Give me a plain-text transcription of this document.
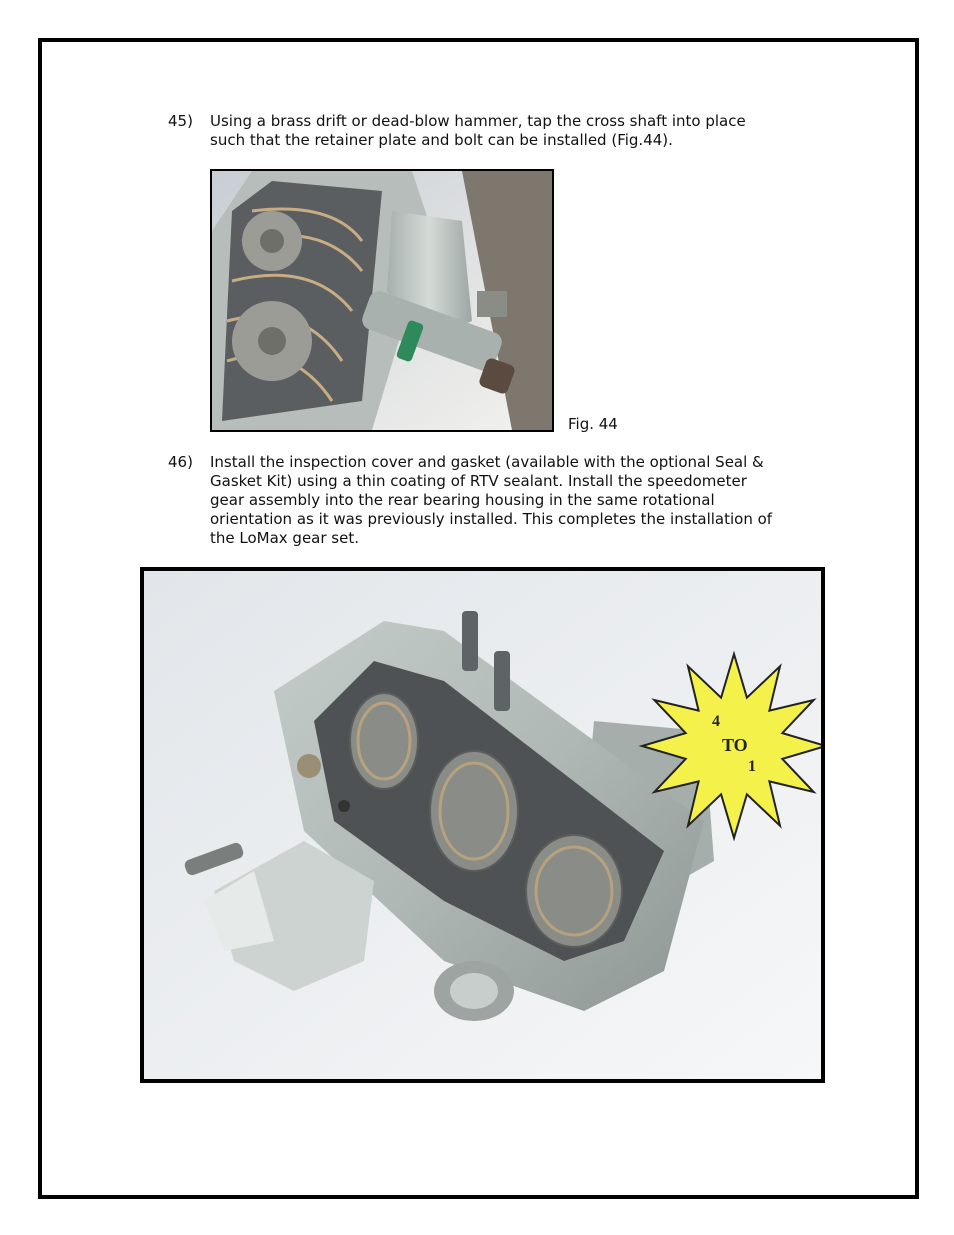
45)	Using a brass drift or dead-blow hammer, tap the cross shaft into place
such that the retainer plate and bolt can be installed (Fig.44).
Fig. 44
46)	Install the inspection cover and gasket (available with the optional Seal &
Gasket Kit) using a thin coating of RTV sealant. Install the speedometer
gear assembly into the rear bearing housing in the same rotational
orientation as it was previously installed. This completes the installation of
the LoMax gear set.
4
TO
1
